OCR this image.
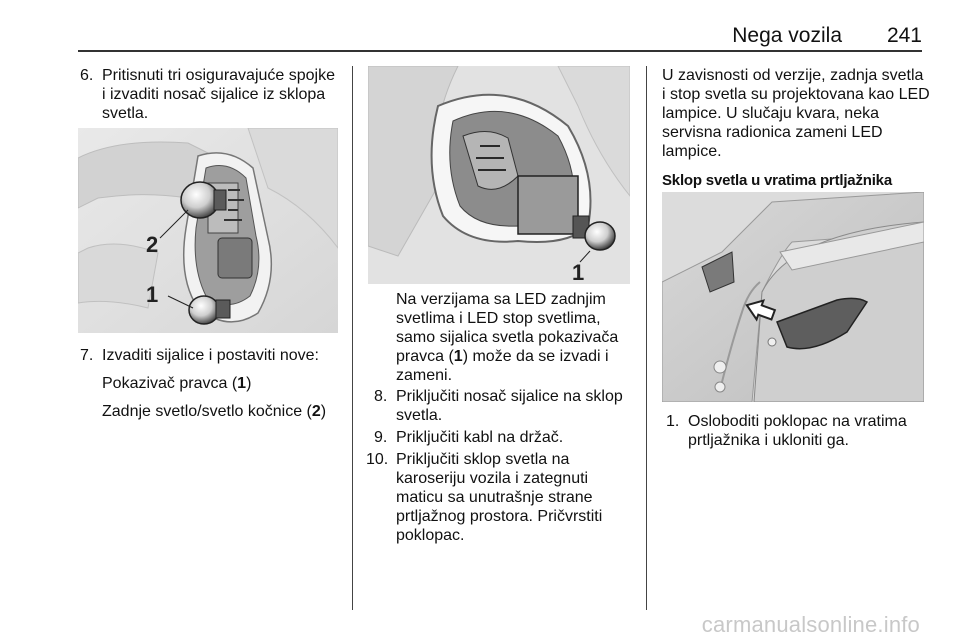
Nega vozila 241
6. Pritisnuti tri osiguravajuće spojke
i izvaditi nosač sijalice iz sklopa
svetla.
2
1
7. Izvaditi sijalice i postaviti nove:
Pokazivač pravca (1)
Zadnje svetlo/svetlo kočnice (2)
1
Na verzijama sa LED zadnjim
svetlima i LED stop svetlima,
samo sijalica svetla pokazivača
pravca (1) može da se izvadi i
zameni.
8. Priključiti nosač sijalice na sklop
svetla.
9. Priključiti kabl na držač.
10. Priključiti sklop svetla na
karoseriju vozila i zategnuti
maticu sa unutrašnje strane
prtljažnog prostora. Pričvrstiti
poklopac.
U zavisnosti od verzije, zadnja svetla
i stop svetla su projektovana kao LED
lampice. U slučaju kvara, neka
servisna radionica zameni LED
lampice.
Sklop svetla u vratima prtljažnika
1. Osloboditi poklopac na vratima
prtljažnika i ukloniti ga.
carmanualsonline.info
